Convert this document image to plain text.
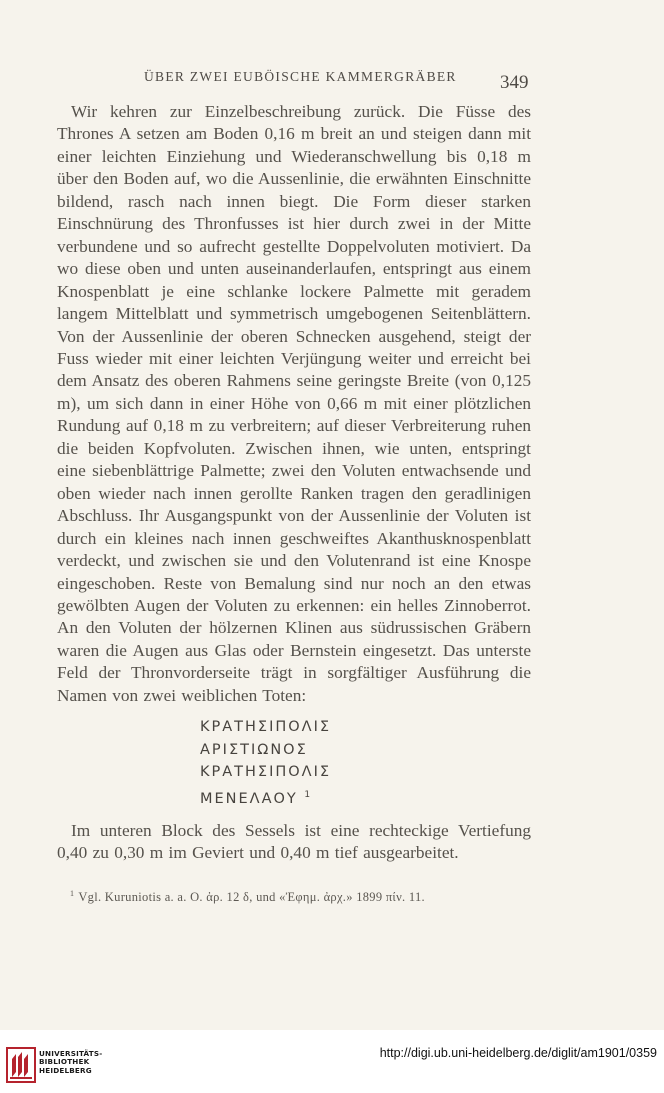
ÜBER ZWEI EUBÖISCHE KAMMERGRÄBER 349

Wir kehren zur Einzelbeschreibung zurück. Die Füsse des Thrones A setzen am Boden 0,16 m breit an und steigen dann mit einer leichten Einziehung und Wiederanschwellung bis 0,18 m über den Boden auf, wo die Aussenlinie, die erwähnten Einschnitte bildend, rasch nach innen biegt. Die Form dieser starken Einschnürung des Thronfusses ist hier durch zwei in der Mitte verbundene und so aufrecht gestellte Doppelvoluten motiviert. Da wo diese oben und unten auseinanderlaufen, entspringt aus einem Knospenblatt je eine schlanke lockere Palmette mit geradem langem Mittelblatt und symmetrisch umgebogenen Seitenblättern. Von der Aussenlinie der oberen Schnecken ausgehend, steigt der Fuss wieder mit einer leichten Verjüngung weiter und erreicht bei dem Ansatz des oberen Rahmens seine geringste Breite (von 0,125 m), um sich dann in einer Höhe von 0,66 m mit einer plötzlichen Rundung auf 0,18 m zu verbreitern; auf dieser Verbreiterung ruhen die beiden Kopfvoluten. Zwischen ihnen, wie unten, entspringt eine siebenblättrige Palmette; zwei den Voluten entwachsende und oben wieder nach innen gerollte Ranken tragen den geradlinigen Abschluss. Ihr Ausgangspunkt von der Aussenlinie der Voluten ist durch ein kleines nach innen geschweiftes Akanthusknospenblatt verdeckt, und zwischen sie und den Volutenrand ist eine Knospe eingeschoben. Reste von Bemalung sind nur noch an den etwas gewölbten Augen der Voluten zu erkennen: ein helles Zinnoberrot. An den Voluten der hölzernen Klinen aus südrussischen Gräbern waren die Augen aus Glas oder Bernstein eingesetzt. Das unterste Feld der Thronvorderseite trägt in sorgfältiger Ausführung die Namen von zwei weiblichen Toten:

ΚΡΑΤΗΣΙΠΟΛΙΣ
ΑΡΙΣΤΙΩΝΟΣ
ΚΡΑΤΗΣΙΠΟΛΙΣ
ΜΕΝΕΛΑΟΥ $^1$

Im unteren Block des Sessels ist eine rechteckige Vertiefung 0,40 zu 0,30 m im Geviert und 0,40 m tief ausgearbeitet.

$^1$ Vgl. Kuruniotis a. a. O. ἀρ. 12 δ, und «Ἐφημ. ἀρχ.» 1899 πίν. 11.
UNIVERSITÄTS-
BIBLIOTHEK
HEIDELBERG
http://digi.ub.uni-heidelberg.de/diglit/am1901/0359
